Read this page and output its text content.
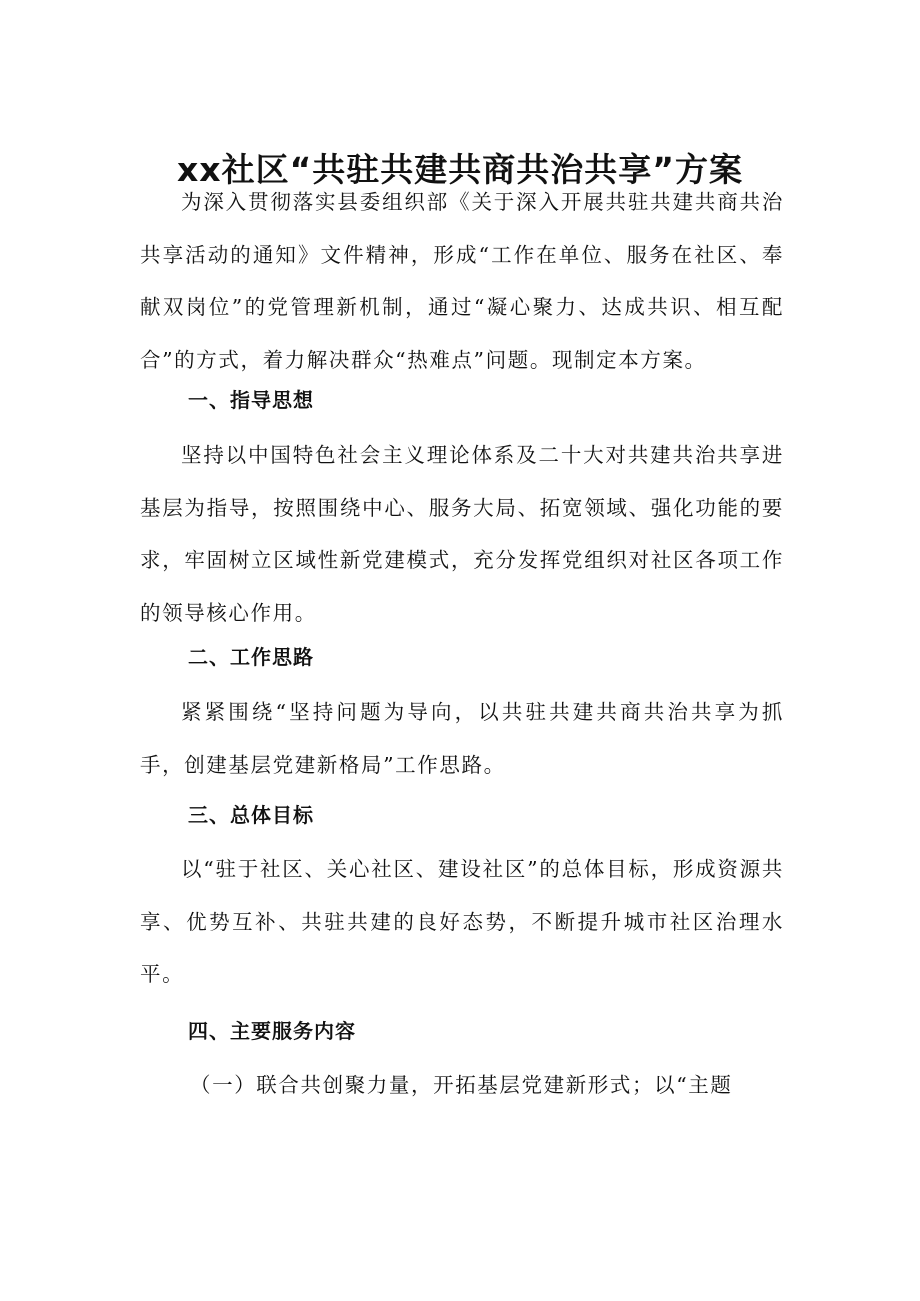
xx社区“共驻共建共商共治共享”方案

为深入贯彻落实县委组织部《关于深入开展共驻共建共商共治共享活动的通知》文件精神，形成“工作在单位、服务在社区、奉献双岗位”的党管理新机制，通过“凝心聚力、达成共识、相互配合”的方式，着力解决群众“热难点”问题。现制定本方案。

一、指导思想

坚持以中国特色社会主义理论体系及二十大对共建共治共享进基层为指导，按照围绕中心、服务大局、拓宽领域、强化功能的要求，牢固树立区域性新党建模式，充分发挥党组织对社区各项工作的领导核心作用。

二、工作思路

紧紧围绕“坚持问题为导向，以共驻共建共商共治共享为抓手，创建基层党建新格局”工作思路。

三、总体目标

以“驻于社区、关心社区、建设社区”的总体目标，形成资源共享、优势互补、共驻共建的良好态势，不断提升城市社区治理水平。

四、主要服务内容

（一）联合共创聚力量，开拓基层党建新形式；以“主题
